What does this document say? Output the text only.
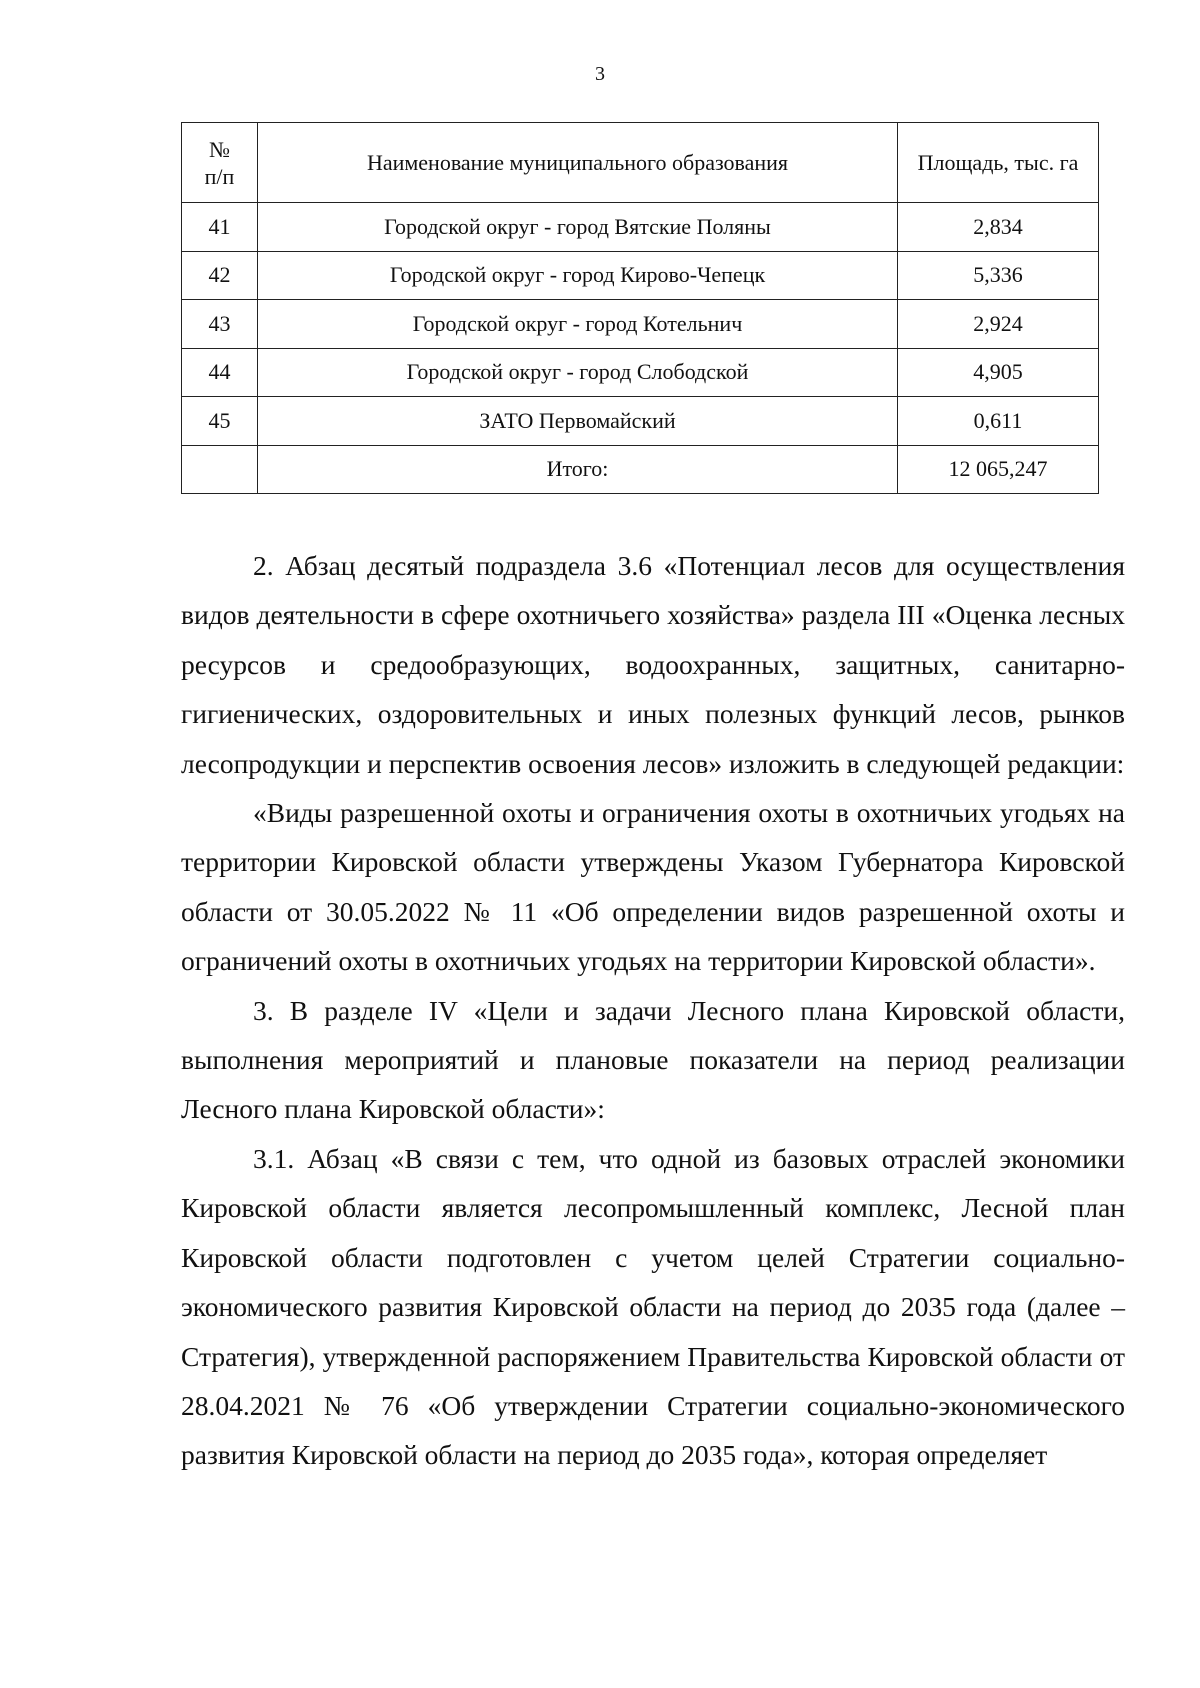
3
№
п/п	Наименование муниципального образования	Площадь, тыс. га
41	Городской округ - город Вятские Поляны	2,834
42	Городской округ - город Кирово-Чепецк	5,336
43	Городской округ - город Котельнич	2,924
44	Городской округ - город Слободской	4,905
45	ЗАТО Первомайский	0,611
	Итого:	12 065,247

2. Абзац десятый подраздела 3.6 «Потенциал лесов для осуществления видов деятельности в сфере охотничьего хозяйства» раздела III «Оценка лесных ресурсов и средообразующих, водоохранных, защитных, санитарно-гигиенических, оздоровительных и иных полезных функций лесов, рынков лесопродукции и перспектив освоения лесов» изложить в следующей редакции:

«Виды разрешенной охоты и ограничения охоты в охотничьих угодьях на территории Кировской области утверждены Указом Губернатора Кировской области от 30.05.2022 № 11 «Об определении видов разрешенной охоты и ограничений охоты в охотничьих угодьях на территории Кировской области».

3. В разделе IV «Цели и задачи Лесного плана Кировской области, выполнения мероприятий и плановые показатели на период реализации Лесного плана Кировской области»:

3.1. Абзац «В связи с тем, что одной из базовых отраслей экономики Кировской области является лесопромышленный комплекс, Лесной план Кировской области подготовлен с учетом целей Стратегии социально-экономического развития Кировской области на период до 2035 года (далее – Стратегия), утвержденной распоряжением Правительства Кировской области от 28.04.2021 № 76 «Об утверждении Стратегии социально-экономического развития Кировской области на период до 2035 года», которая определяет
